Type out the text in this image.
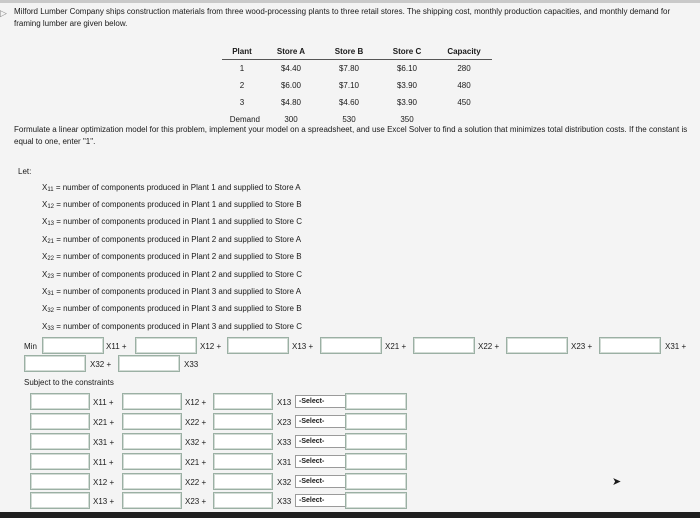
▷ Milford Lumber Company ships construction materials from three wood-processing plants to three retail stores. The shipping cost, monthly production capacities, and monthly demand for framing lumber are given below.
Plant	Store A	Store B	Store C	Capacity
1	$4.40	$7.80	$6.10	280
2	$6.00	$7.10	$3.90	480
3	$4.80	$4.60	$3.90	450
Demand	300	530	350	
Formulate a linear optimization model for this problem, implement your model on a spreadsheet, and use Excel Solver to find a solution that minimizes total distribution costs. If the constant is equal to one, enter "1".
Let:
X11 = number of components produced in Plant 1 and supplied to Store A
X12 = number of components produced in Plant 1 and supplied to Store B
X13 = number of components produced in Plant 1 and supplied to Store C
X21 = number of components produced in Plant 2 and supplied to Store A
X22 = number of components produced in Plant 2 and supplied to Store B
X23 = number of components produced in Plant 2 and supplied to Store C
X31 = number of components produced in Plant 3 and supplied to Store A
X32 = number of components produced in Plant 3 and supplied to Store B
X33 = number of components produced in Plant 3 and supplied to Store C
Min	X11 +	X12 +	X13 +	X21 +	X22 +	X23 +	X31 +
X32 +	X33
Subject to the constraints
X11 +	X12 +	X13	-Select-
X21 +	X22 +	X23	-Select-
X31 +	X32 +	X33	-Select-
X11 +	X21 +	X31	-Select-
X12 +	X22 +	X32	-Select-
X13 +	X23 +	X33	-Select-
➤
